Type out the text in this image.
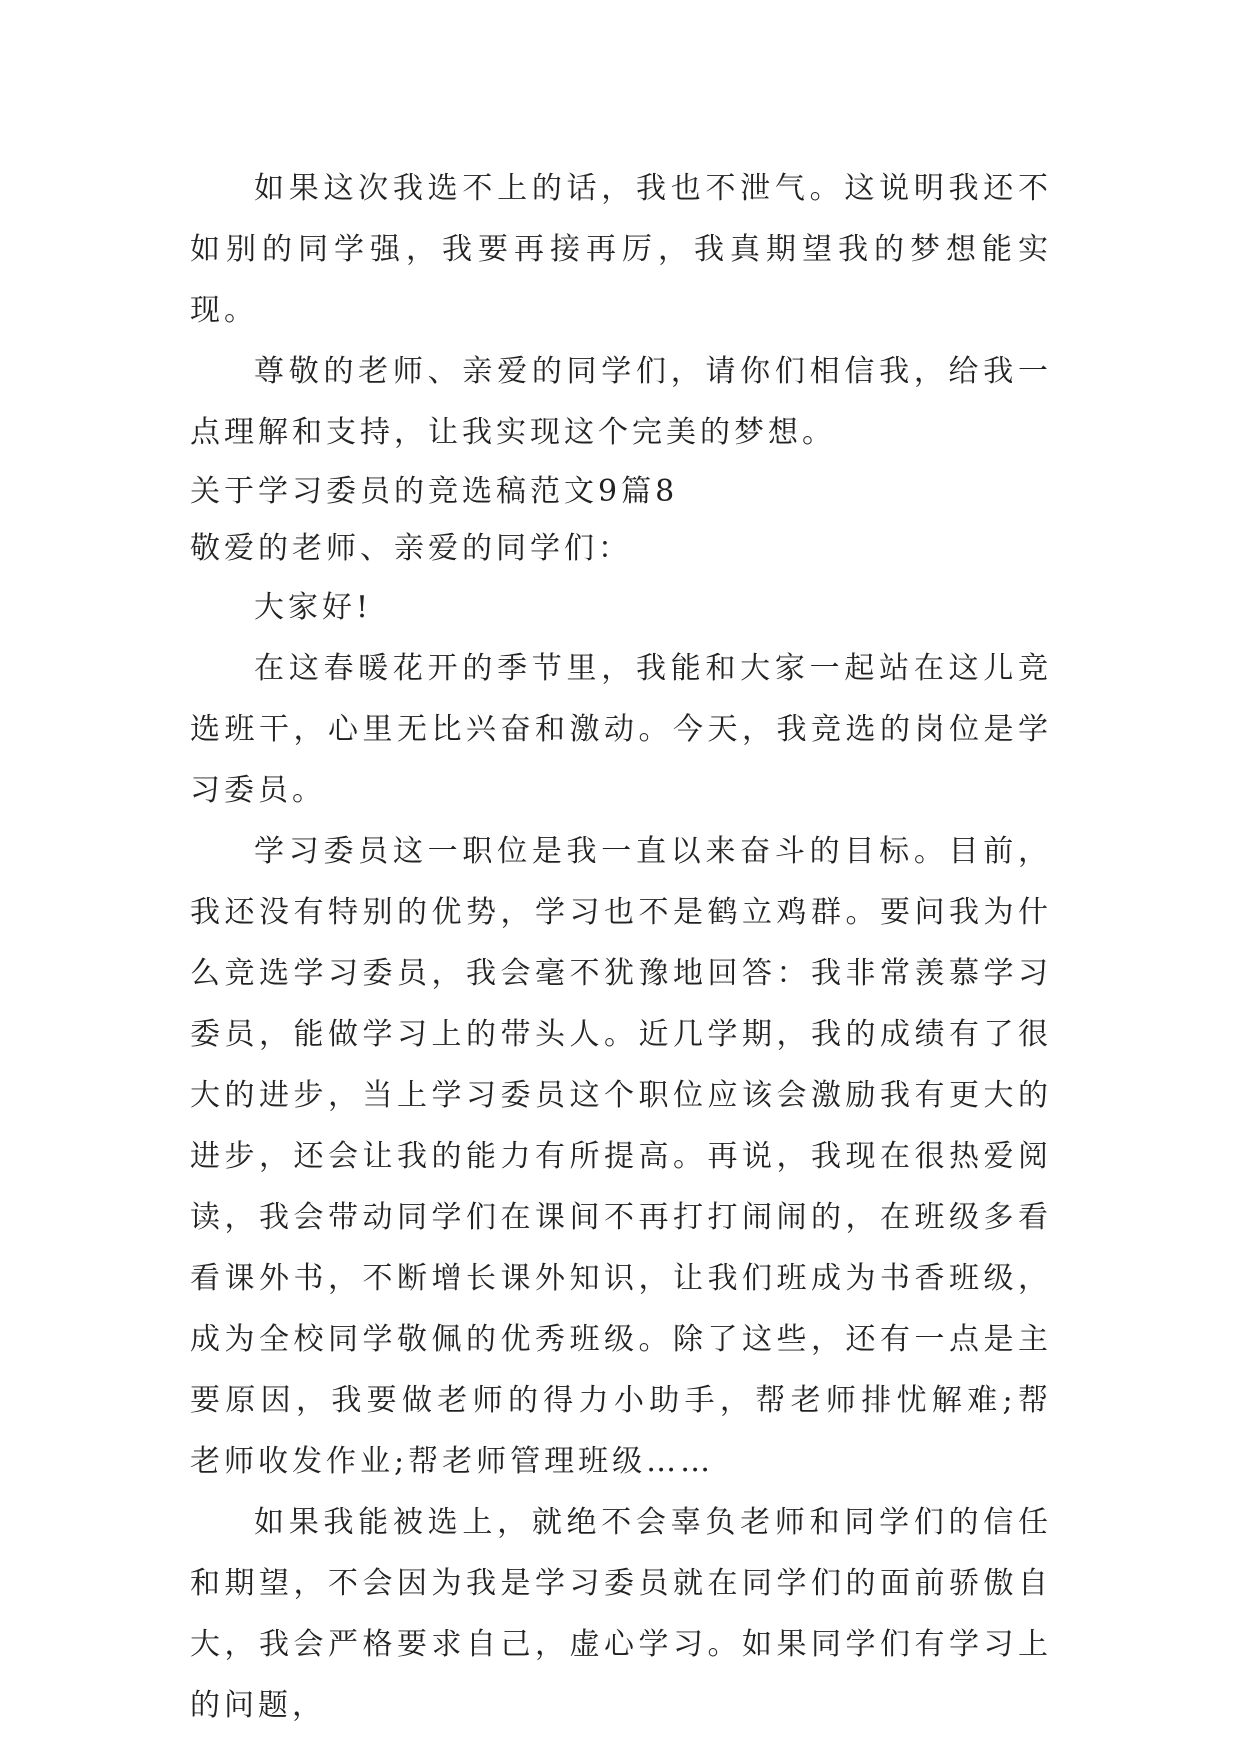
如果这次我选不上的话，我也不泄气。这说明我还不如别的同学强，我要再接再厉，我真期望我的梦想能实现。

尊敬的老师、亲爱的同学们，请你们相信我，给我一点理解和支持，让我实现这个完美的梦想。

关于学习委员的竞选稿范文9篇8

敬爱的老师、亲爱的同学们：

大家好!

在这春暖花开的季节里，我能和大家一起站在这儿竞选班干，心里无比兴奋和激动。今天，我竞选的岗位是学习委员。

学习委员这一职位是我一直以来奋斗的目标。目前，我还没有特别的优势，学习也不是鹤立鸡群。要问我为什么竞选学习委员，我会毫不犹豫地回答：我非常羡慕学习委员，能做学习上的带头人。近几学期，我的成绩有了很大的进步，当上学习委员这个职位应该会激励我有更大的进步，还会让我的能力有所提高。再说，我现在很热爱阅读，我会带动同学们在课间不再打打闹闹的，在班级多看看课外书，不断增长课外知识，让我们班成为书香班级，成为全校同学敬佩的优秀班级。除了这些，还有一点是主要原因，我要做老师的得力小助手，帮老师排忧解难;帮老师收发作业;帮老师管理班级……

如果我能被选上，就绝不会辜负老师和同学们的信任和期望，不会因为我是学习委员就在同学们的面前骄傲自大，我会严格要求自己，虚心学习。如果同学们有学习上的问题，
